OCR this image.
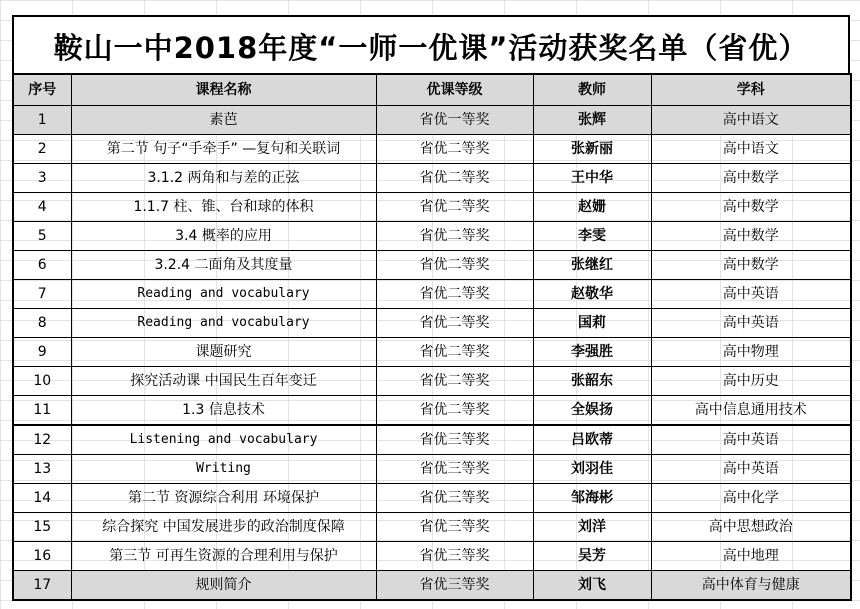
鞍山一中2018年度“一师一优课”活动获奖名单（省优）
序号	课程名称	优课等级	教师	学科
1	素芭	省优一等奖	张辉	高中语文
2	第二节 句子“手牵手” —复句和关联词	省优二等奖	张新丽	高中语文
3	3.1.2 两角和与差的正弦	省优二等奖	王中华	高中数学
4	1.1.7 柱、锥、台和球的体积	省优二等奖	赵姗	高中数学
5	3.4 概率的应用	省优二等奖	李雯	高中数学
6	3.2.4 二面角及其度量	省优二等奖	张继红	高中数学
7	Reading and vocabulary	省优二等奖	赵敬华	高中英语
8	Reading and vocabulary	省优二等奖	国莉	高中英语
9	课题研究	省优二等奖	李强胜	高中物理
10	探究活动课 中国民生百年变迁	省优二等奖	张韶东	高中历史
11	1.3 信息技术	省优二等奖	全娱扬	高中信息通用技术
12	Listening and vocabulary	省优三等奖	吕欧蒂	高中英语
13	Writing	省优三等奖	刘羽佳	高中英语
14	第二节 资源综合利用 环境保护	省优三等奖	邹海彬	高中化学
15	综合探究 中国发展进步的政治制度保障	省优三等奖	刘洋	高中思想政治
16	第三节 可再生资源的合理利用与保护	省优三等奖	吴芳	高中地理
17	规则简介	省优三等奖	刘飞	高中体育与健康
